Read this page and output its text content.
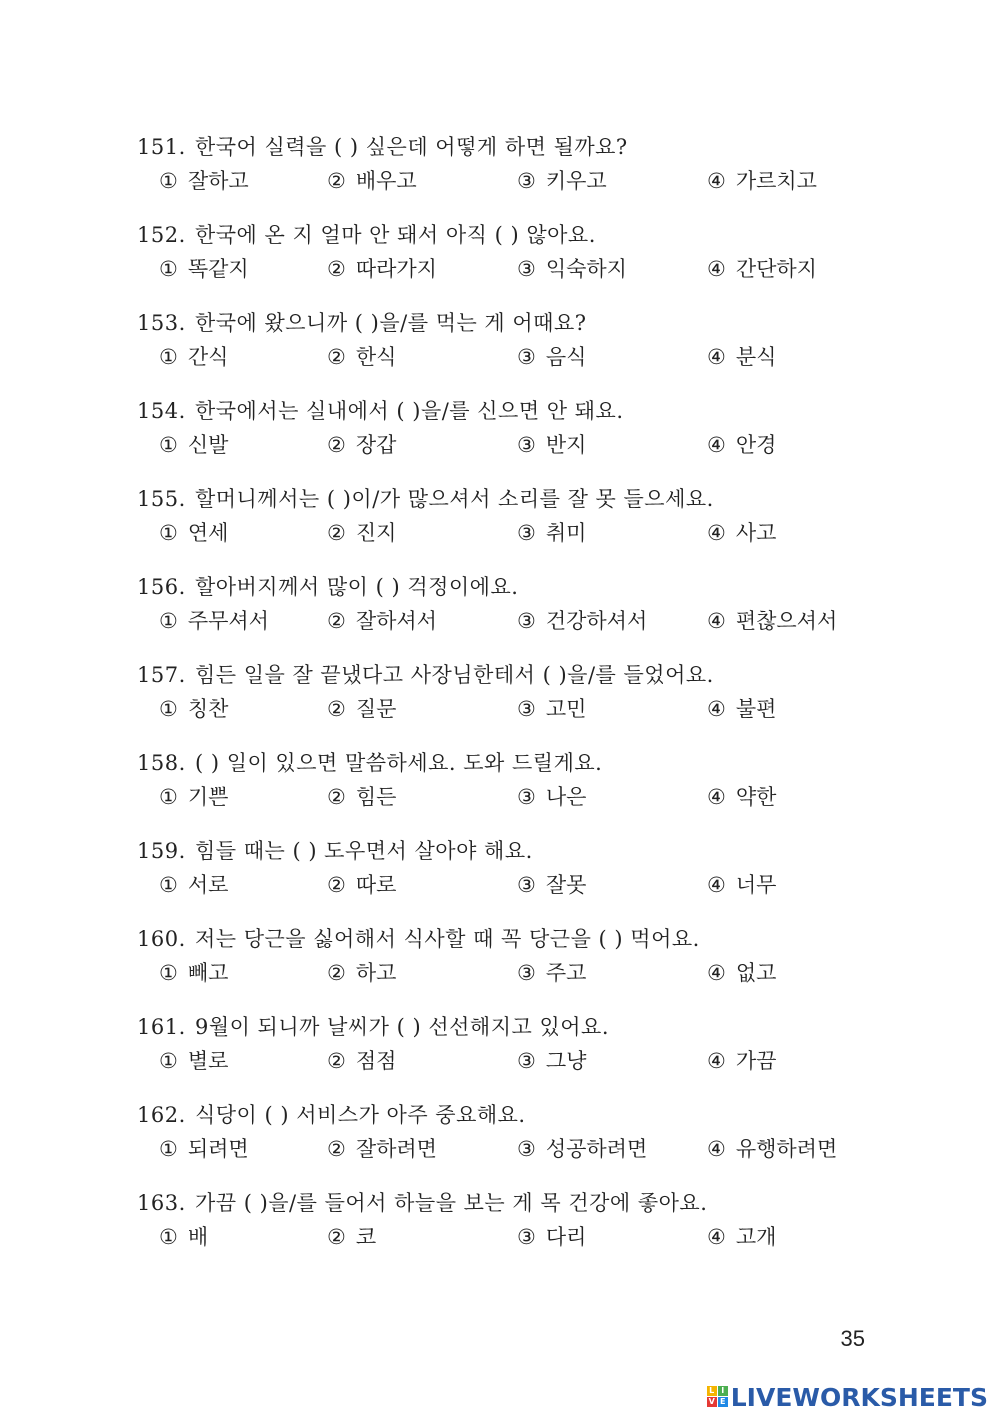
151. 한국어 실력을 ( ) 싶은데 어떻게 하면 될까요?
① 잘하고	② 배우고	③ 키우고	④ 가르치고
152. 한국에 온 지 얼마 안 돼서 아직 ( ) 않아요.
① 똑같지	② 따라가지	③ 익숙하지	④ 간단하지
153. 한국에 왔으니까 ( )을/를 먹는 게 어때요?
① 간식	② 한식	③ 음식	④ 분식
154. 한국에서는 실내에서 ( )을/를 신으면 안 돼요.
① 신발	② 장갑	③ 반지	④ 안경
155. 할머니께서는 ( )이/가 많으셔서 소리를 잘 못 들으세요.
① 연세	② 진지	③ 취미	④ 사고
156. 할아버지께서 많이 ( ) 걱정이에요.
① 주무셔서	② 잘하셔서	③ 건강하셔서	④ 편찮으셔서
157. 힘든 일을 잘 끝냈다고 사장님한테서 ( )을/를 들었어요.
① 칭찬	② 질문	③ 고민	④ 불편
158. ( ) 일이 있으면 말씀하세요. 도와 드릴게요.
① 기쁜	② 힘든	③ 나은	④ 약한
159. 힘들 때는 ( ) 도우면서 살아야 해요.
① 서로	② 따로	③ 잘못	④ 너무
160. 저는 당근을 싫어해서 식사할 때 꼭 당근을 ( ) 먹어요.
① 빼고	② 하고	③ 주고	④ 없고
161. 9월이 되니까 날씨가 ( ) 선선해지고 있어요.
① 별로	② 점점	③ 그냥	④ 가끔
162. 식당이 ( ) 서비스가 아주 중요해요.
① 되려면	② 잘하려면	③ 성공하려면	④ 유행하려면
163. 가끔 ( )을/를 들어서 하늘을 보는 게 목 건강에 좋아요.
① 배	② 코	③ 다리	④ 고개
35
L I
V E LIVEWORKSHEETS
